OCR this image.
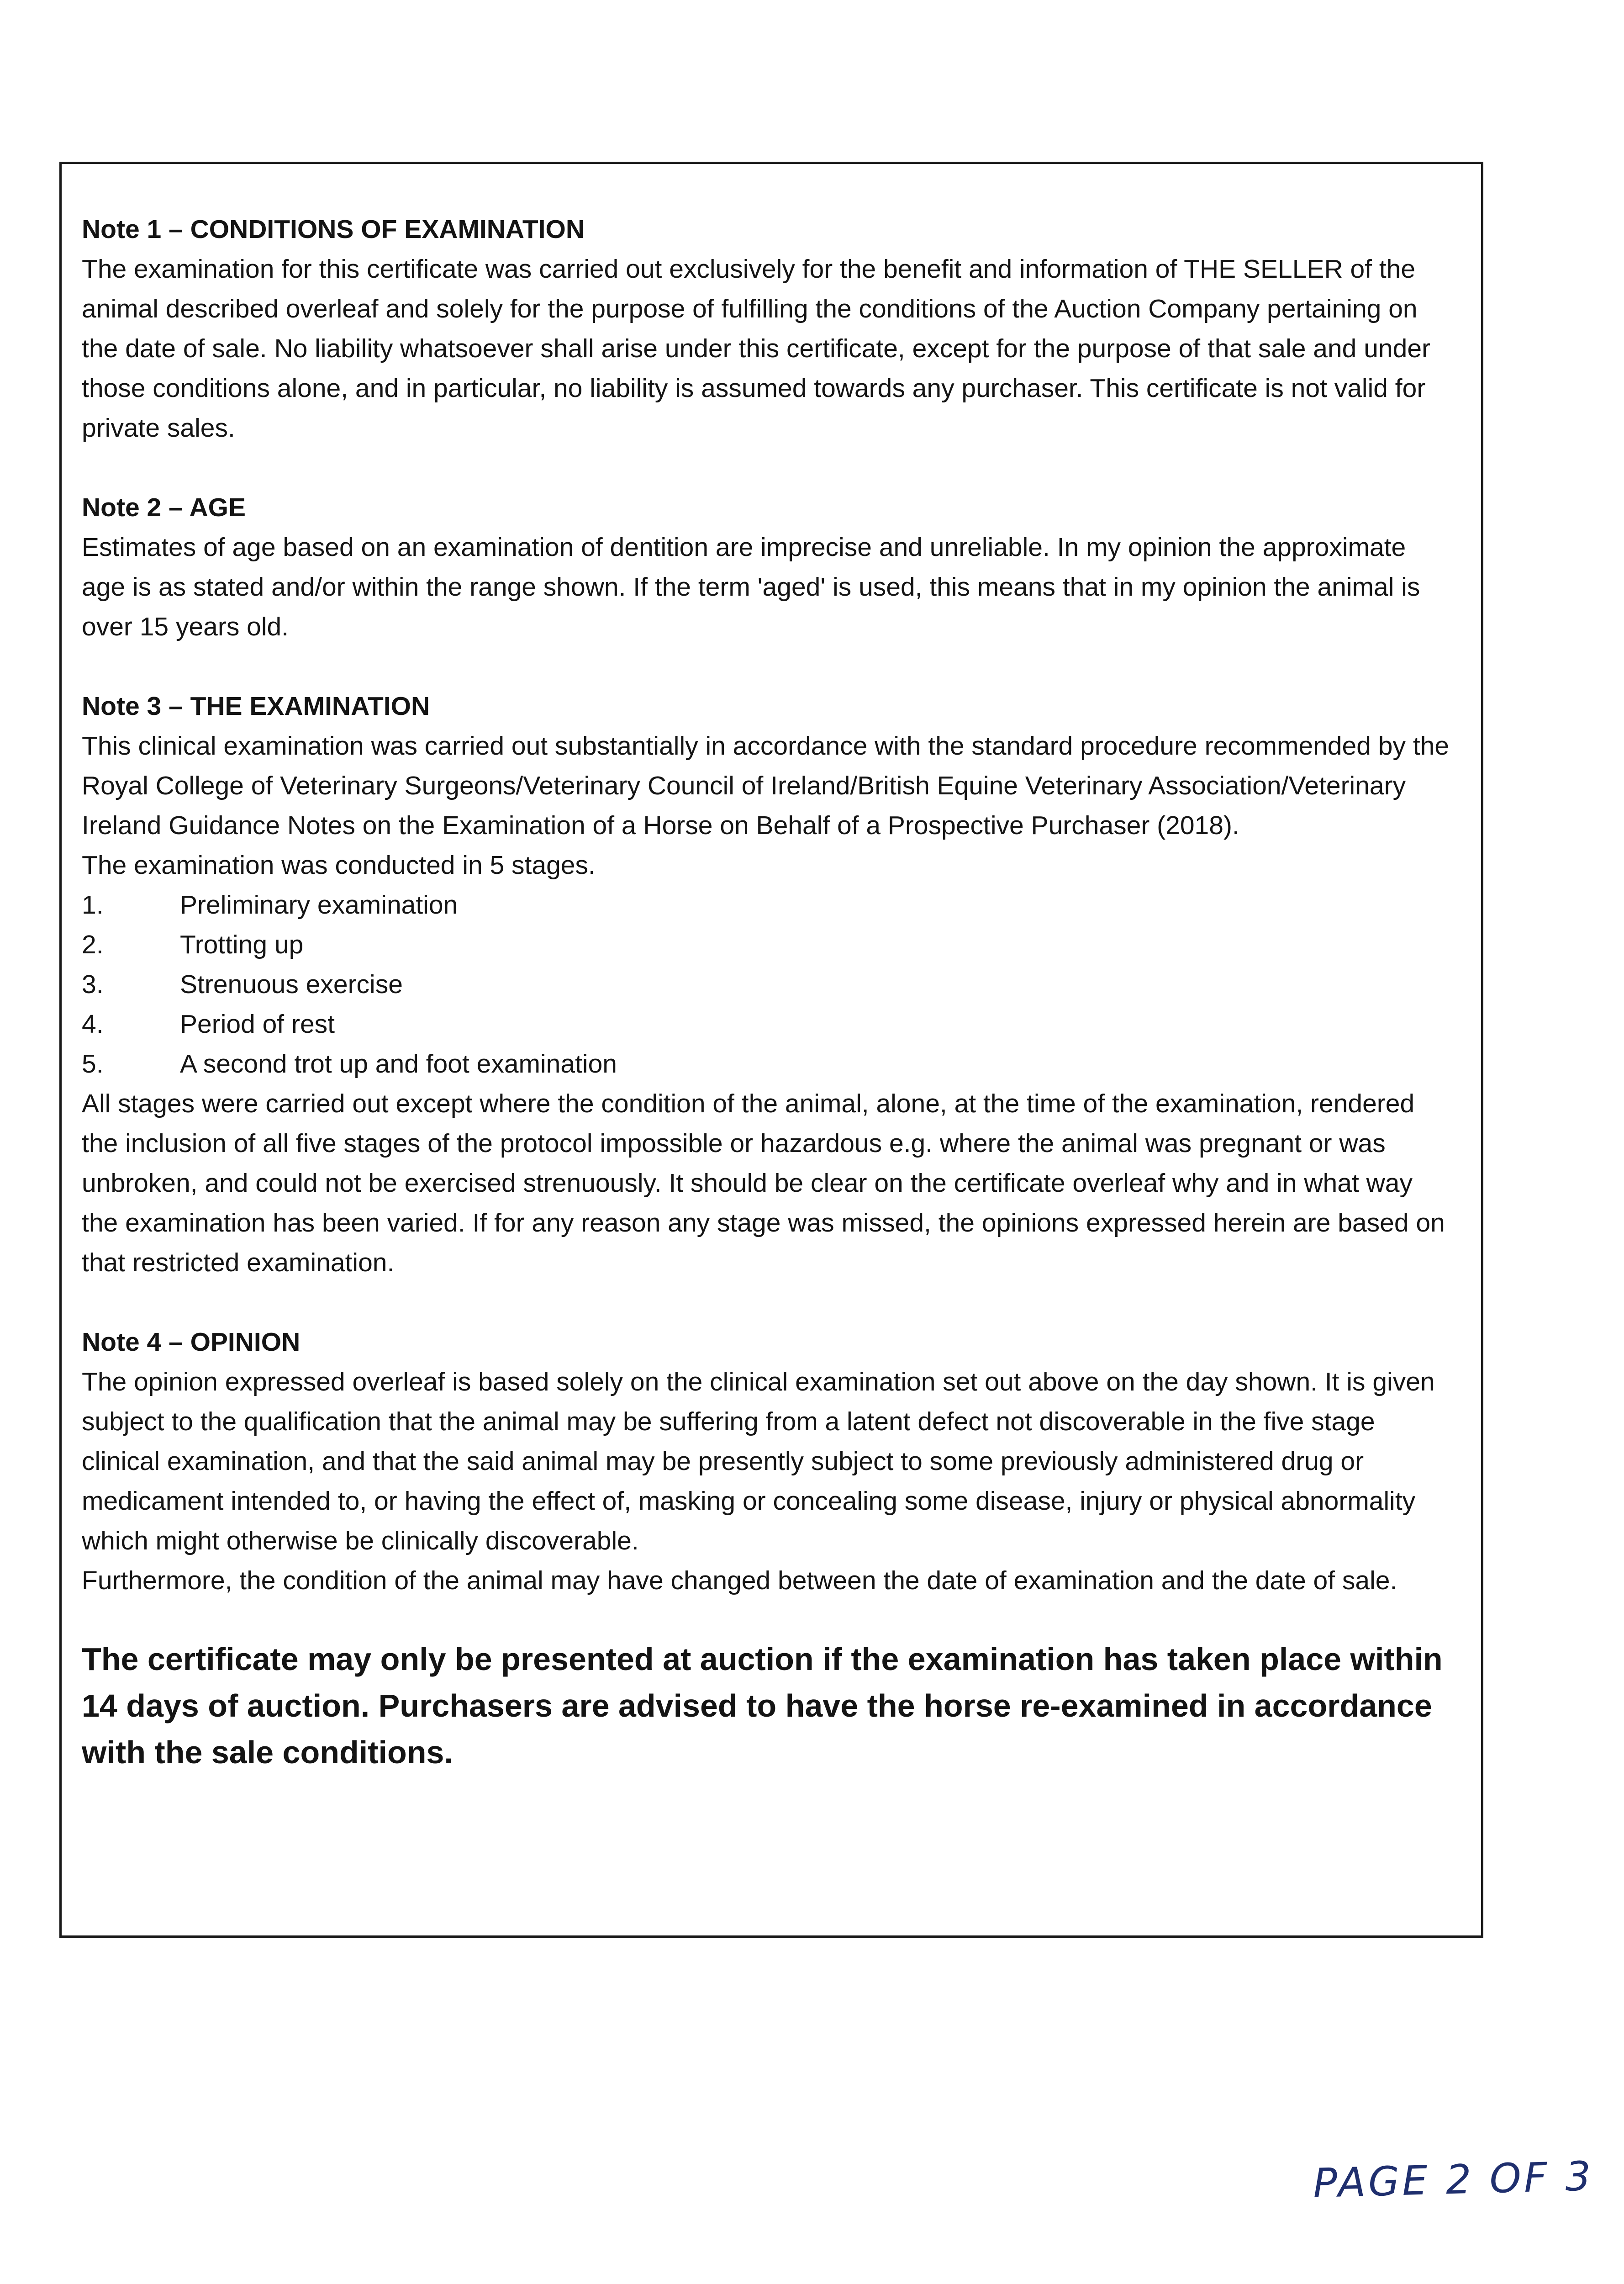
Note 1 – CONDITIONS OF EXAMINATION

The examination for this certificate was carried out exclusively for the benefit and information of THE SELLER of the animal described overleaf and solely for the purpose of fulfilling the conditions of the Auction Company pertaining on the date of sale. No liability whatsoever shall arise under this certificate, except for the purpose of that sale and under those conditions alone, and in particular, no liability is assumed towards any purchaser. This certificate is not valid for private sales.

Note 2 – AGE

Estimates of age based on an examination of dentition are imprecise and unreliable. In my opinion the approximate age is as stated and/or within the range shown. If the term 'aged' is used, this means that in my opinion the animal is over 15 years old.

Note 3 – THE EXAMINATION

This clinical examination was carried out substantially in accordance with the standard procedure recommended by the Royal College of Veterinary Surgeons/Veterinary Council of Ireland/British Equine Veterinary Association/Veterinary Ireland Guidance Notes on the Examination of a Horse on Behalf of a Prospective Purchaser (2018).

The examination was conducted in 5 stages.

1.	Preliminary examination
2.	Trotting up
3.	Strenuous exercise
4.	Period of rest
5.	A second trot up and foot examination

All stages were carried out except where the condition of the animal, alone, at the time of the examination, rendered the inclusion of all five stages of the protocol impossible or hazardous e.g. where the animal was pregnant or was unbroken, and could not be exercised strenuously. It should be clear on the certificate overleaf why and in what way the examination has been varied. If for any reason any stage was missed, the opinions expressed herein are based on that restricted examination.

Note 4 – OPINION

The opinion expressed overleaf is based solely on the clinical examination set out above on the day shown. It is given subject to the qualification that the animal may be suffering from a latent defect not discoverable in the five stage clinical examination, and that the said animal may be presently subject to some previously administered drug or medicament intended to, or having the effect of, masking or concealing some disease, injury or physical abnormality which might otherwise be clinically discoverable.

Furthermore, the condition of the animal may have changed between the date of examination and the date of sale.

The certificate may only be presented at auction if the examination has taken place within 14 days of auction. Purchasers are advised to have the horse re-examined in accordance with the sale conditions.
PAGE 2 OF 3
